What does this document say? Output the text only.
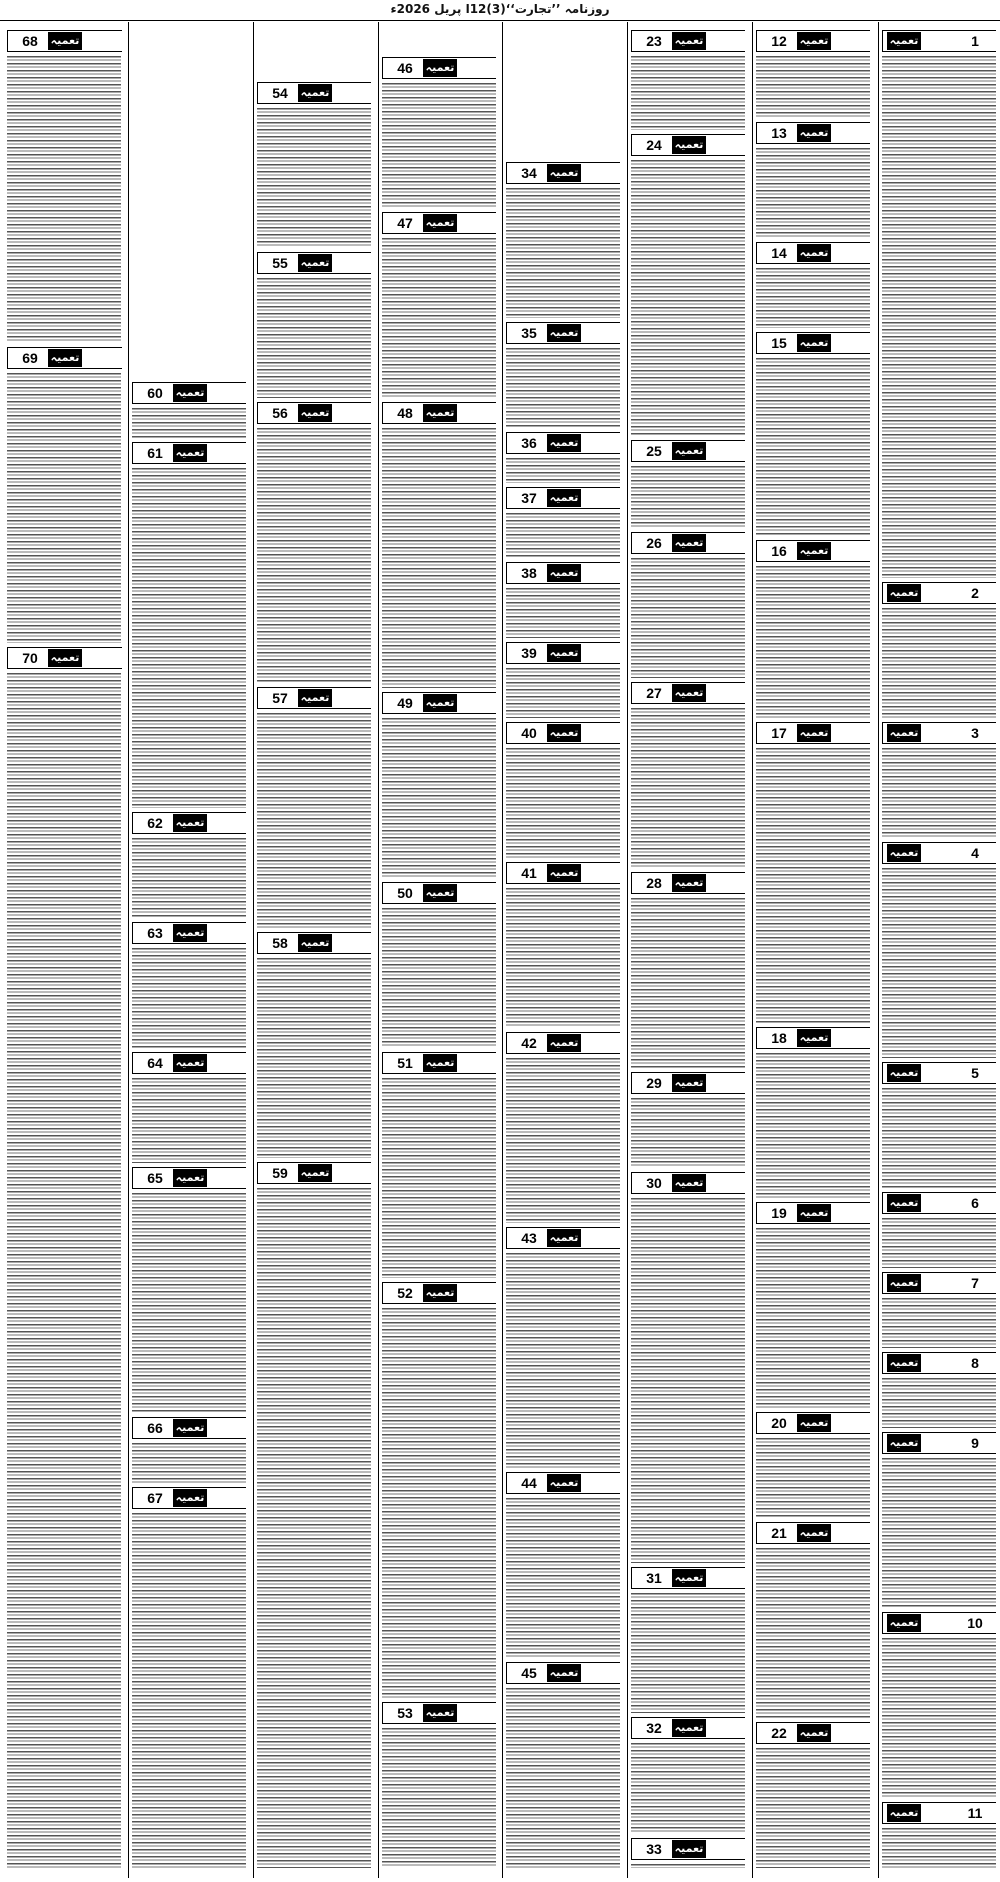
روزنامہ ’’تجارت‘‘(3)12ا پریل 2026ء
تعمیہ	1
تعمیہ	2
تعمیہ	3
تعمیہ	4
تعمیہ	5
تعمیہ	6
تعمیہ	7
تعمیہ	8
تعمیہ	9
تعمیہ	10
تعمیہ	11
تعمیہ
12
تعمیہ
13
تعمیہ
14
تعمیہ
15
تعمیہ
16
تعمیہ
17
تعمیہ
18
تعمیہ
19
تعمیہ
20
تعمیہ
21
تعمیہ
22
تعمیہ
23
تعمیہ
24
تعمیہ
25
تعمیہ
26
تعمیہ
27
تعمیہ
28
تعمیہ
29
تعمیہ
30
تعمیہ
31
تعمیہ
32
تعمیہ
33
تعمیہ
34
تعمیہ
35
تعمیہ
36
تعمیہ
37
تعمیہ
38
تعمیہ
39
تعمیہ
40
تعمیہ
41
تعمیہ
42
تعمیہ
43
تعمیہ
44
تعمیہ
45
تعمیہ
46
تعمیہ
47
تعمیہ
48
تعمیہ
49
تعمیہ
50
تعمیہ
51
تعمیہ
52
تعمیہ
53
تعمیہ
54
تعمیہ
55
تعمیہ
56
تعمیہ
57
تعمیہ
58
تعمیہ
59
تعمیہ
60
تعمیہ
61
تعمیہ
62
تعمیہ
63
تعمیہ
64
تعمیہ
65
تعمیہ
66
تعمیہ
67
تعمیہ
68
تعمیہ
69
تعمیہ
70
